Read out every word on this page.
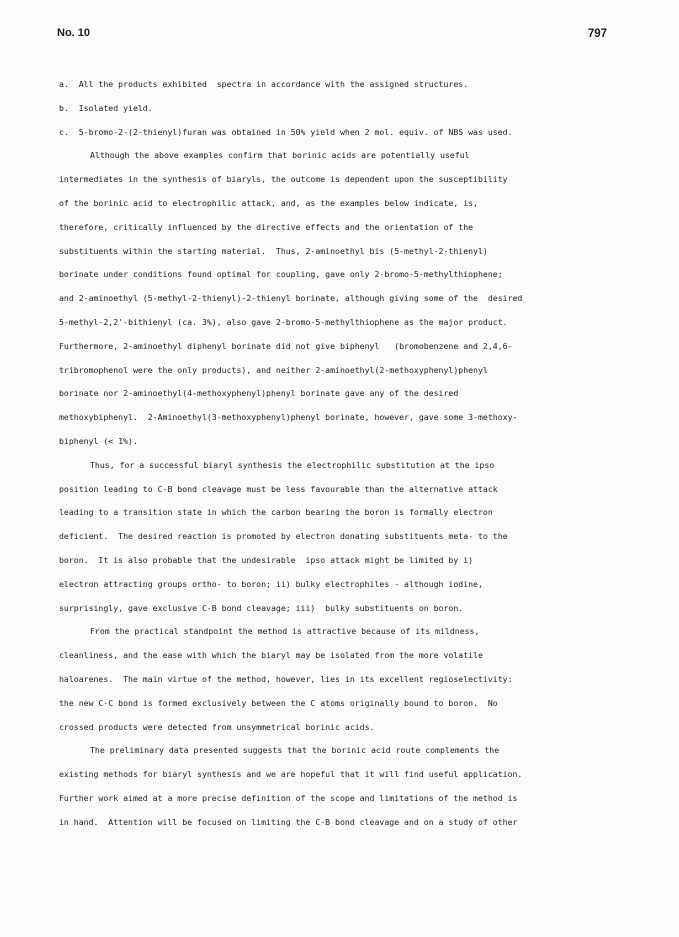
No. 10	797
a.  All the products exhibited  spectra in accordance with the assigned structures.
b.  Isolated yield.
c.  5-bromo-2-(2-thienyl)furan was obtained in 50% yield when 2 mol. equiv. of NBS was used.
Although the above examples confirm that borinic acids are potentially useful
intermediates in the synthesis of biaryls, the outcome is dependent upon the susceptibility
of the borinic acid to electrophilic attack, and, as the examples below indicate, is,
therefore, critically influenced by the directive effects and the orientation of the
substituents within the starting material.  Thus, 2-aminoethyl bis (5-methyl-2-thienyl)
borinate under conditions found optimal for coupling, gave only 2-bromo-5-methylthiophene;
and 2-aminoethyl (5-methyl-2-thienyl)-2-thienyl borinate, although giving some of the  desired
5-methyl-2,2'-bithienyl (ca. 3%), also gave 2-bromo-5-methylthiophene as the major product.
Furthermore, 2-aminoethyl diphenyl borinate did not give biphenyl   (bromobenzene and 2,4,6-
tribromophenol were the only products), and neither 2-aminoethyl(2-methoxyphenyl)phenyl
borinate nor 2-aminoethyl(4-methoxyphenyl)phenyl borinate gave any of the desired
methoxybiphenyl.  2-Aminoethyl(3-methoxyphenyl)phenyl borinate, however, gave some 3-methoxy-
biphenyl (< 1%).
Thus, for a successful biaryl synthesis the electrophilic substitution at the ipso
position leading to C-B bond cleavage must be less favourable than the alternative attack
leading to a transition state in which the carbon bearing the boron is formally electron
deficient.  The desired reaction is promoted by electron donating substituents meta- to the
boron.  It is also probable that the undesirable  ipso attack might be limited by i)
electron attracting groups ortho- to boron; ii) bulky electrophiles - although iodine,
surprisingly, gave exclusive C-B bond cleavage; iii)  bulky substituents on boron.
From the practical standpoint the method is attractive because of its mildness,
cleanliness, and the ease with which the biaryl may be isolated from the more volatile
haloarenes.  The main virtue of the method, however, lies in its excellent regioselectivity:
the new C-C bond is formed exclusively between the C atoms originally bound to boron.  No
crossed products were detected from unsymmetrical borinic acids.
The preliminary data presented suggests that the borinic acid route complements the
existing methods for biaryl synthesis and we are hopeful that it will find useful application.
Further work aimed at a more precise definition of the scope and limitations of the method is
in hand.  Attention will be focused on limiting the C-B bond cleavage and on a study of other
